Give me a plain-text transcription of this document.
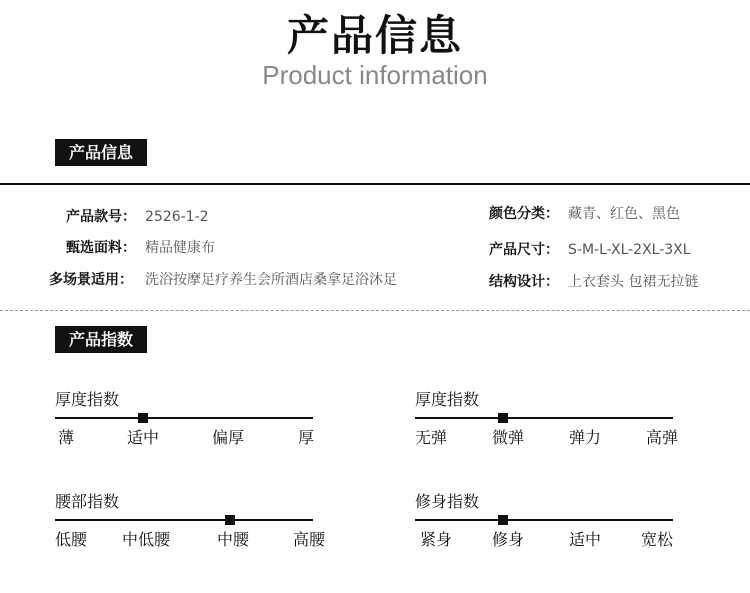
产品信息
Product information
产品信息
产品款号： 2526-1-2
甄选面料： 精品健康布
多场景适用： 洗浴按摩足疗养生会所酒店桑拿足浴沐足
颜色分类： 藏青、红色、黑色
产品尺寸： S-M-L-XL-2XL-3XL
结构设计： 上衣套头 包裙无拉链
产品指数
厚度指数
薄	适中	偏厚	厚
厚度指数
无弹	微弹	弹力	高弹
腰部指数
低腰 中低腰	中腰	高腰
修身指数
紧身 修身	适中 宽松
